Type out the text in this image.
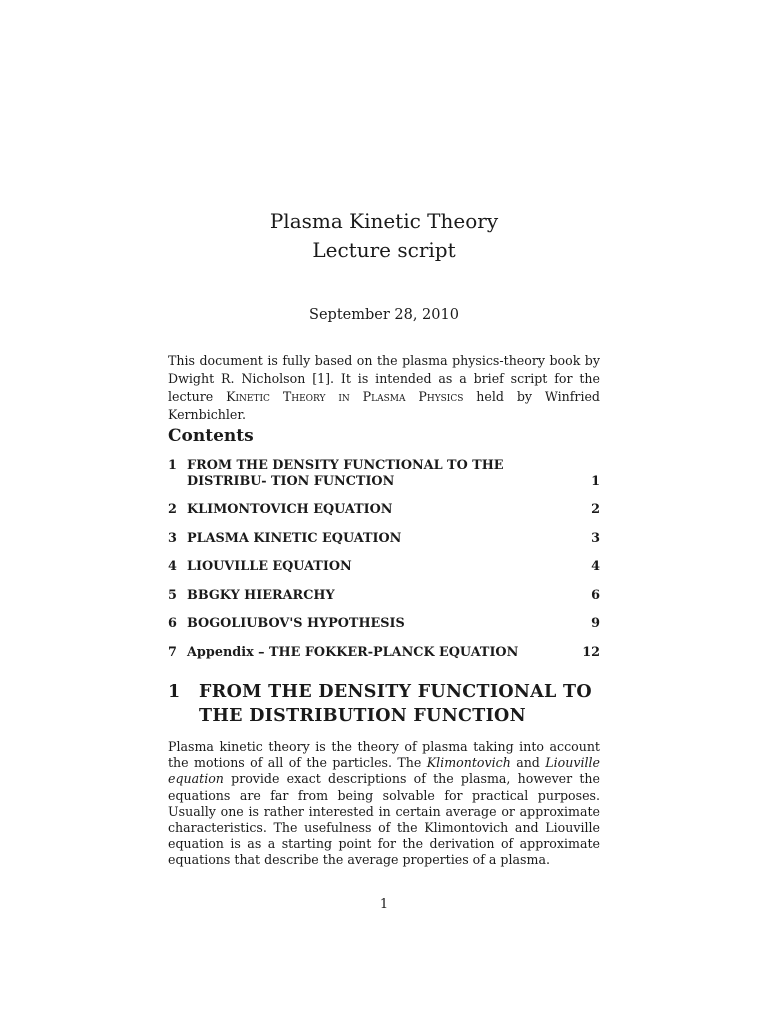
Plasma Kinetic Theory
Lecture script
September 28, 2010
This document is fully based on the plasma physics-theory book by Dwight R. Nicholson [1]. It is intended as a brief script for the lecture Kinetic Theory in Plasma Physics held by Winfried Kernbichler.
Contents
1 FROM THE DENSITY FUNCTIONAL TO THE DISTRIBU- TION FUNCTION	1
2 KLIMONTOVICH EQUATION	2
3 PLASMA KINETIC EQUATION	3
4 LIOUVILLE EQUATION	4
5 BBGKY HIERARCHY	6
6 BOGOLIUBOV'S HYPOTHESIS	9
7 Appendix – THE FOKKER-PLANCK EQUATION	12
1 FROM THE DENSITY FUNCTIONAL TO THE DISTRIBUTION FUNCTION
Plasma kinetic theory is the theory of plasma taking into account the motions of all of the particles. The Klimontovich and Liouville equation provide exact descriptions of the plasma, however the equations are far from being solvable for practical purposes. Usually one is rather interested in certain average or approximate characteristics. The usefulness of the Klimontovich and Liouville equation is as a starting point for the derivation of approximate equations that describe the average properties of a plasma.
1
